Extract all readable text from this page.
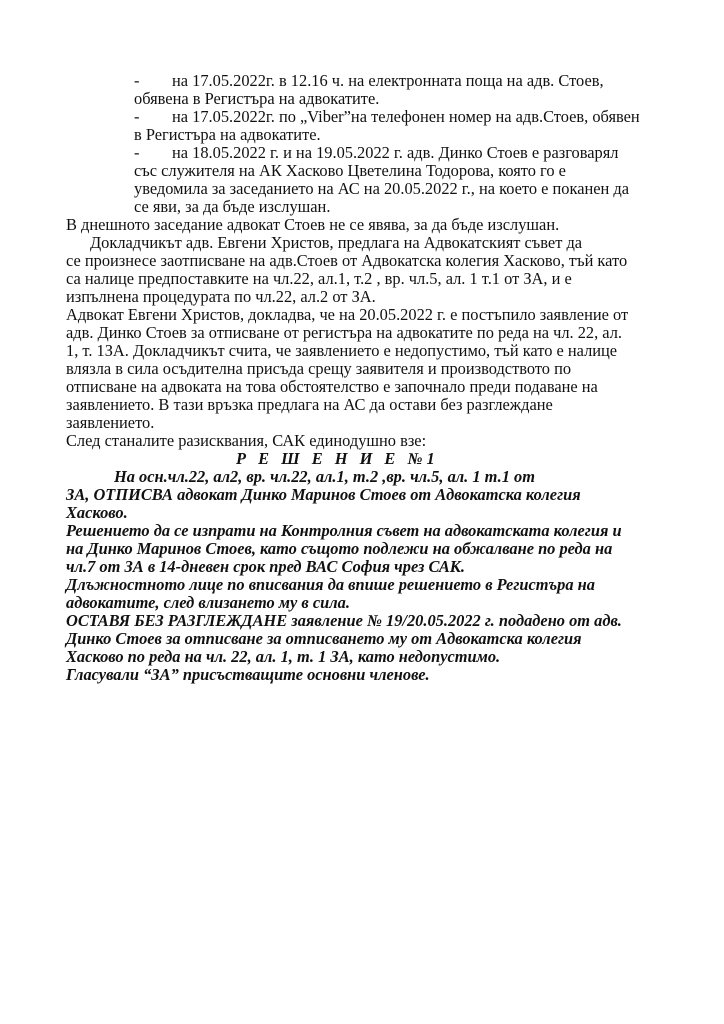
- на 17.05.2022г. в 12.16 ч. на електронната поща на адв. Стоев,
обявена в Регистъра на адвокатите.
- на 17.05.2022г. по „Viber”на телефонен номер на адв.Стоев, обявен
в Регистъра на адвокатите.
- на 18.05.2022 г. и на 19.05.2022 г. адв. Динко Стоев е разговарял
със служителя на АК Хасково Цветелина Тодорова, която го е
уведомила за заседанието на АС на 20.05.2022 г., на което е поканен да
се яви, за да бъде изслушан.
В днешното заседание адвокат Стоев не се явява, за да бъде изслушан.
Докладчикът адв. Евгени Христов, предлага на Адвокатският съвет да
се произнесе заотписване на адв.Стоев от Адвокатска колегия Хасково, тъй като
са налице предпоставките на чл.22, ал.1, т.2 , вр. чл.5, ал. 1 т.1 от ЗА, и е
изпълнена процедурата по чл.22, ал.2 от ЗА.
Адвокат Евгени Христов, докладва, че на 20.05.2022 г. е постъпило заявление от
адв. Динко Стоев за отписване от регистъра на адвокатите по реда на чл. 22, ал.
1, т. 1ЗА. Докладчикът счита, че заявлението е недопустимо, тъй като е налице
влязла в сила осъдителна присъда срещу заявителя и производството по
отписване на адвоката на това обстоятелство е започнало преди подаване на
заявлението. В тази връзка предлага на АС да остави без разглеждане
заявлението.
След станалите разисквания, САК единодушно взе:
Р Е Ш Е Н И Е №1
На осн.чл.22, ал2, вр. чл.22, ал.1, т.2 ,вр. чл.5, ал. 1 т.1 от
ЗА, ОТПИСВА адвокат Динко Маринов Стоев от Адвокатска колегия
Хасково.
Решението да се изпрати на Контролния съвет на адвокатската колегия и
на Динко Маринов Стоев, като същото подлежи на обжалване по реда на
чл.7 от ЗА в 14-дневен срок пред ВАС София чрез САК.
Длъжностното лице по вписвания да впише решението в Регистъра на
адвокатите, след влизането му в сила.
ОСТАВЯ БЕЗ РАЗГЛЕЖДАНЕ заявление № 19/20.05.2022 г. подадено от адв.
Динко Стоев за отписване за отписването му от Адвокатска колегия
Хасково по реда на чл. 22, ал. 1, т. 1 ЗА, като недопустимо.
Гласували “ЗА” присъстващите основни членове.
